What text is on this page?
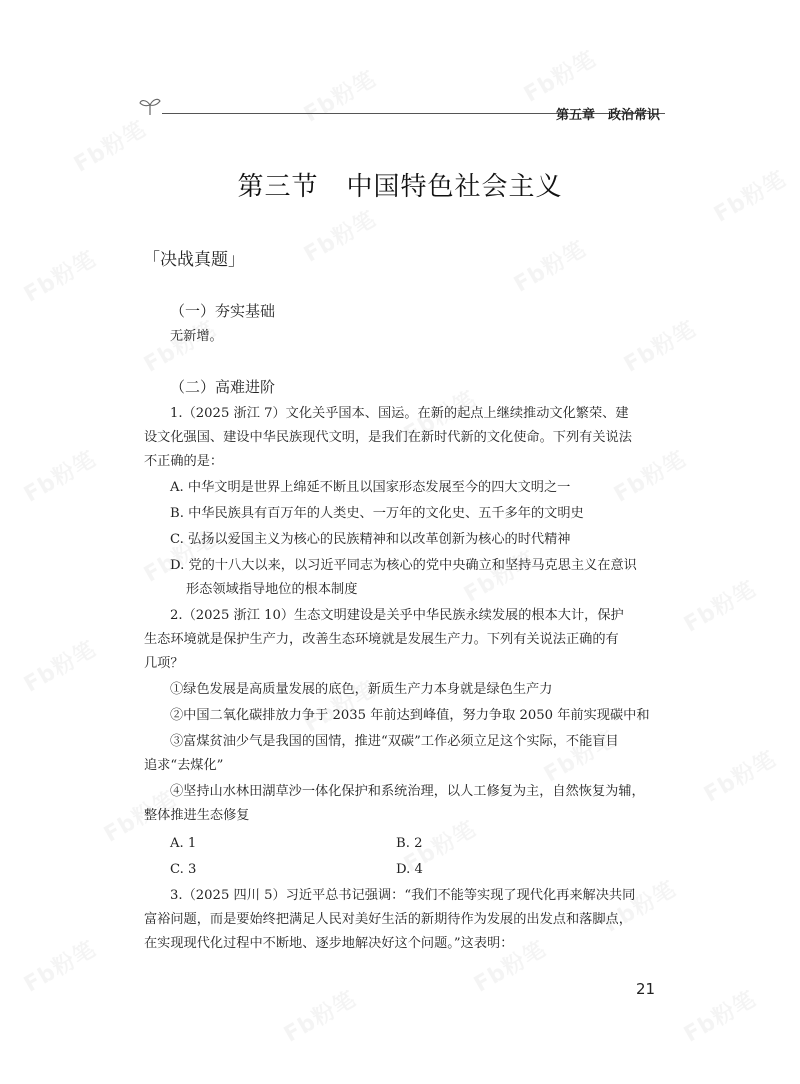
第五章　政治常识
第三节 中国特色社会主义
「决战真题」
（一）夯实基础
无新增。
（二）高难进阶
1.（2025 浙江 7）文化关乎国本、国运。在新的起点上继续推动文化繁荣、建
设文化强国、建设中华民族现代文明，是我们在新时代新的文化使命。下列有关说法
不正确的是：
A. 中华文明是世界上绵延不断且以国家形态发展至今的四大文明之一
B. 中华民族具有百万年的人类史、一万年的文化史、五千多年的文明史
C. 弘扬以爱国主义为核心的民族精神和以改革创新为核心的时代精神
D. 党的十八大以来，以习近平同志为核心的党中央确立和坚持马克思主义在意识
形态领域指导地位的根本制度
2.（2025 浙江 10）生态文明建设是关乎中华民族永续发展的根本大计，保护
生态环境就是保护生产力，改善生态环境就是发展生产力。下列有关说法正确的有
几项？
①绿色发展是高质量发展的底色，新质生产力本身就是绿色生产力
②中国二氧化碳排放力争于 2035 年前达到峰值，努力争取 2050 年前实现碳中和
③富煤贫油少气是我国的国情，推进“双碳”工作必须立足这个实际，不能盲目
追求“去煤化”
④坚持山水林田湖草沙一体化保护和系统治理，以人工修复为主，自然恢复为辅，
整体推进生态修复
A. 1	B. 2
C. 3	D. 4
3.（2025 四川 5）习近平总书记强调：“我们不能等实现了现代化再来解决共同
富裕问题，而是要始终把满足人民对美好生活的新期待作为发展的出发点和落脚点，
在实现现代化过程中不断地、逐步地解决好这个问题。”这表明：
21
